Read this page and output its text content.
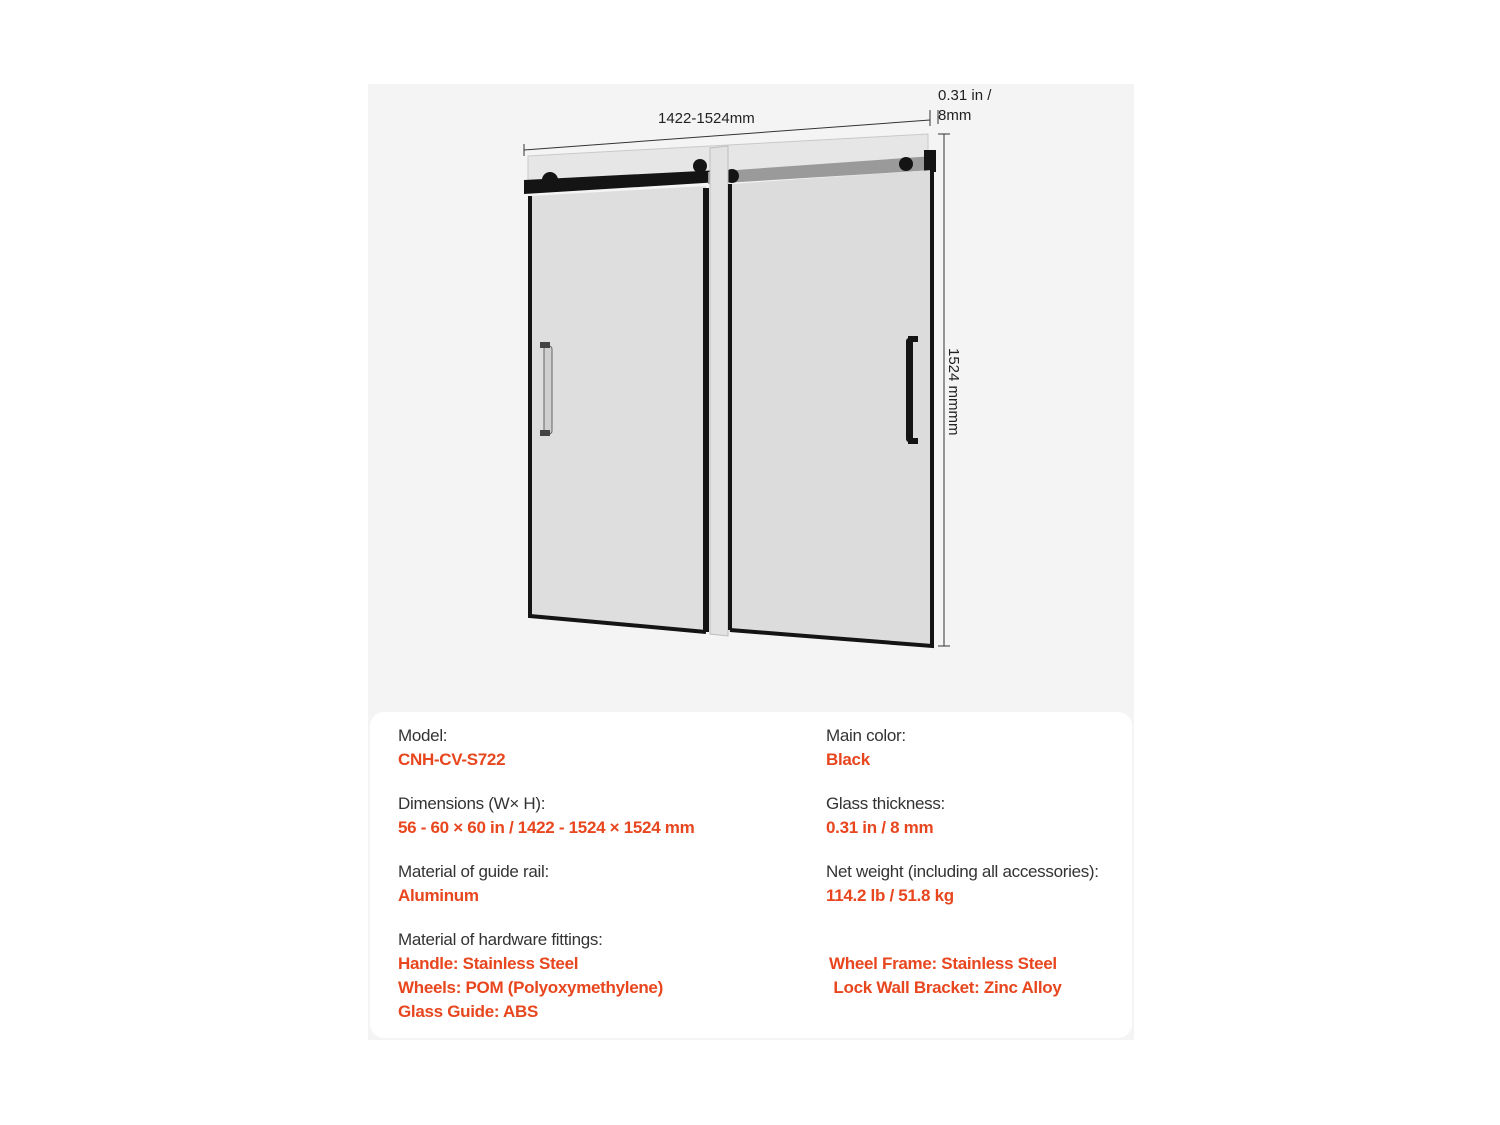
1422-1524mm
0.31 in /
8mm
1524 mmmm
Model:
CNH-CV-S722
Main color:
Black
Dimensions (W× H):
56 - 60 × 60 in / 1422 - 1524 × 1524 mm
Glass thickness:
0.31 in / 8 mm
Material of guide rail:
Aluminum
Net weight (including all accessories):
114.2 lb / 51.8 kg
Material of hardware fittings:
Handle: Stainless Steel
Wheels: POM (Polyoxymethylene)
Glass Guide: ABS
Wheel Frame: Stainless Steel
Lock Wall Bracket: Zinc Alloy
